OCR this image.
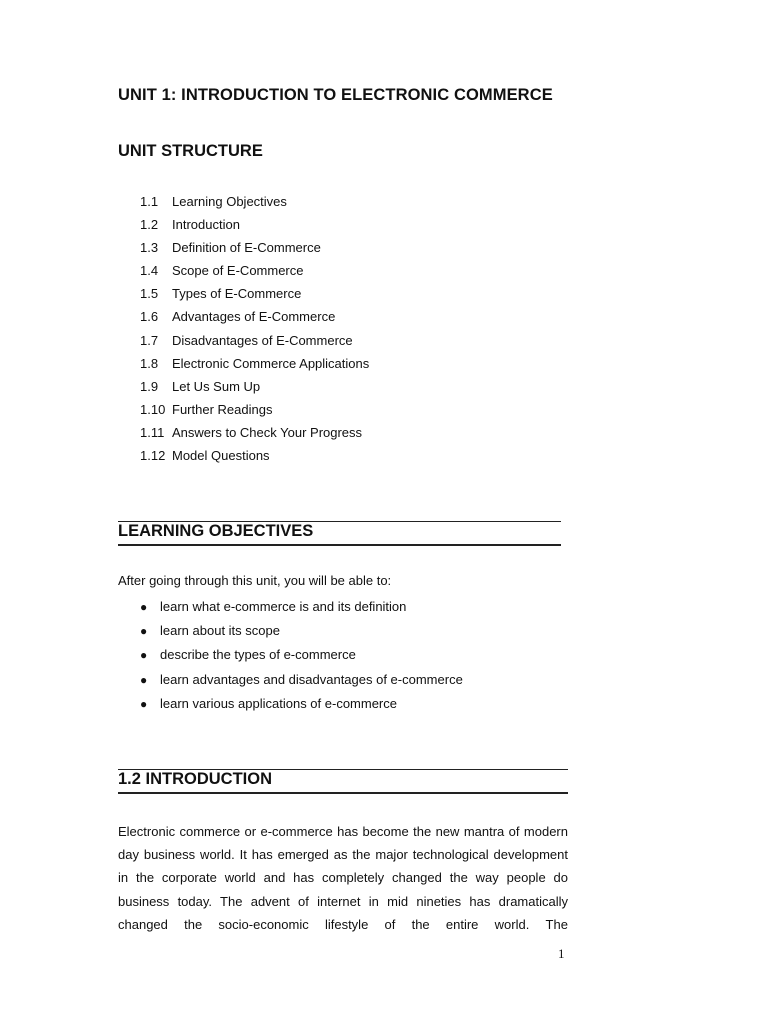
UNIT 1: INTRODUCTION TO ELECTRONIC COMMERCE
UNIT STRUCTURE
1.1	Learning Objectives
1.2	Introduction
1.3	Definition of E-Commerce
1.4	Scope of E-Commerce
1.5	Types of E-Commerce
1.6	Advantages of E-Commerce
1.7	Disadvantages of E-Commerce
1.8	Electronic Commerce Applications
1.9	Let Us Sum Up
1.10 Further Readings
1.11 Answers to Check Your Progress
1.12 Model Questions
LEARNING OBJECTIVES
After going through this unit, you will be able to:
● learn what e-commerce is and its definition
● learn about its scope
● describe the types of e-commerce
● learn advantages and disadvantages of e-commerce
● learn various applications of e-commerce
1.2 INTRODUCTION
Electronic commerce or e-commerce has become the new mantra of modern
day business world. It has emerged as the major technological development
in the corporate world and has completely changed the way people do
business today. The advent of internet in mid nineties has dramatically
changed the socio-economic lifestyle of the entire world. The
1
